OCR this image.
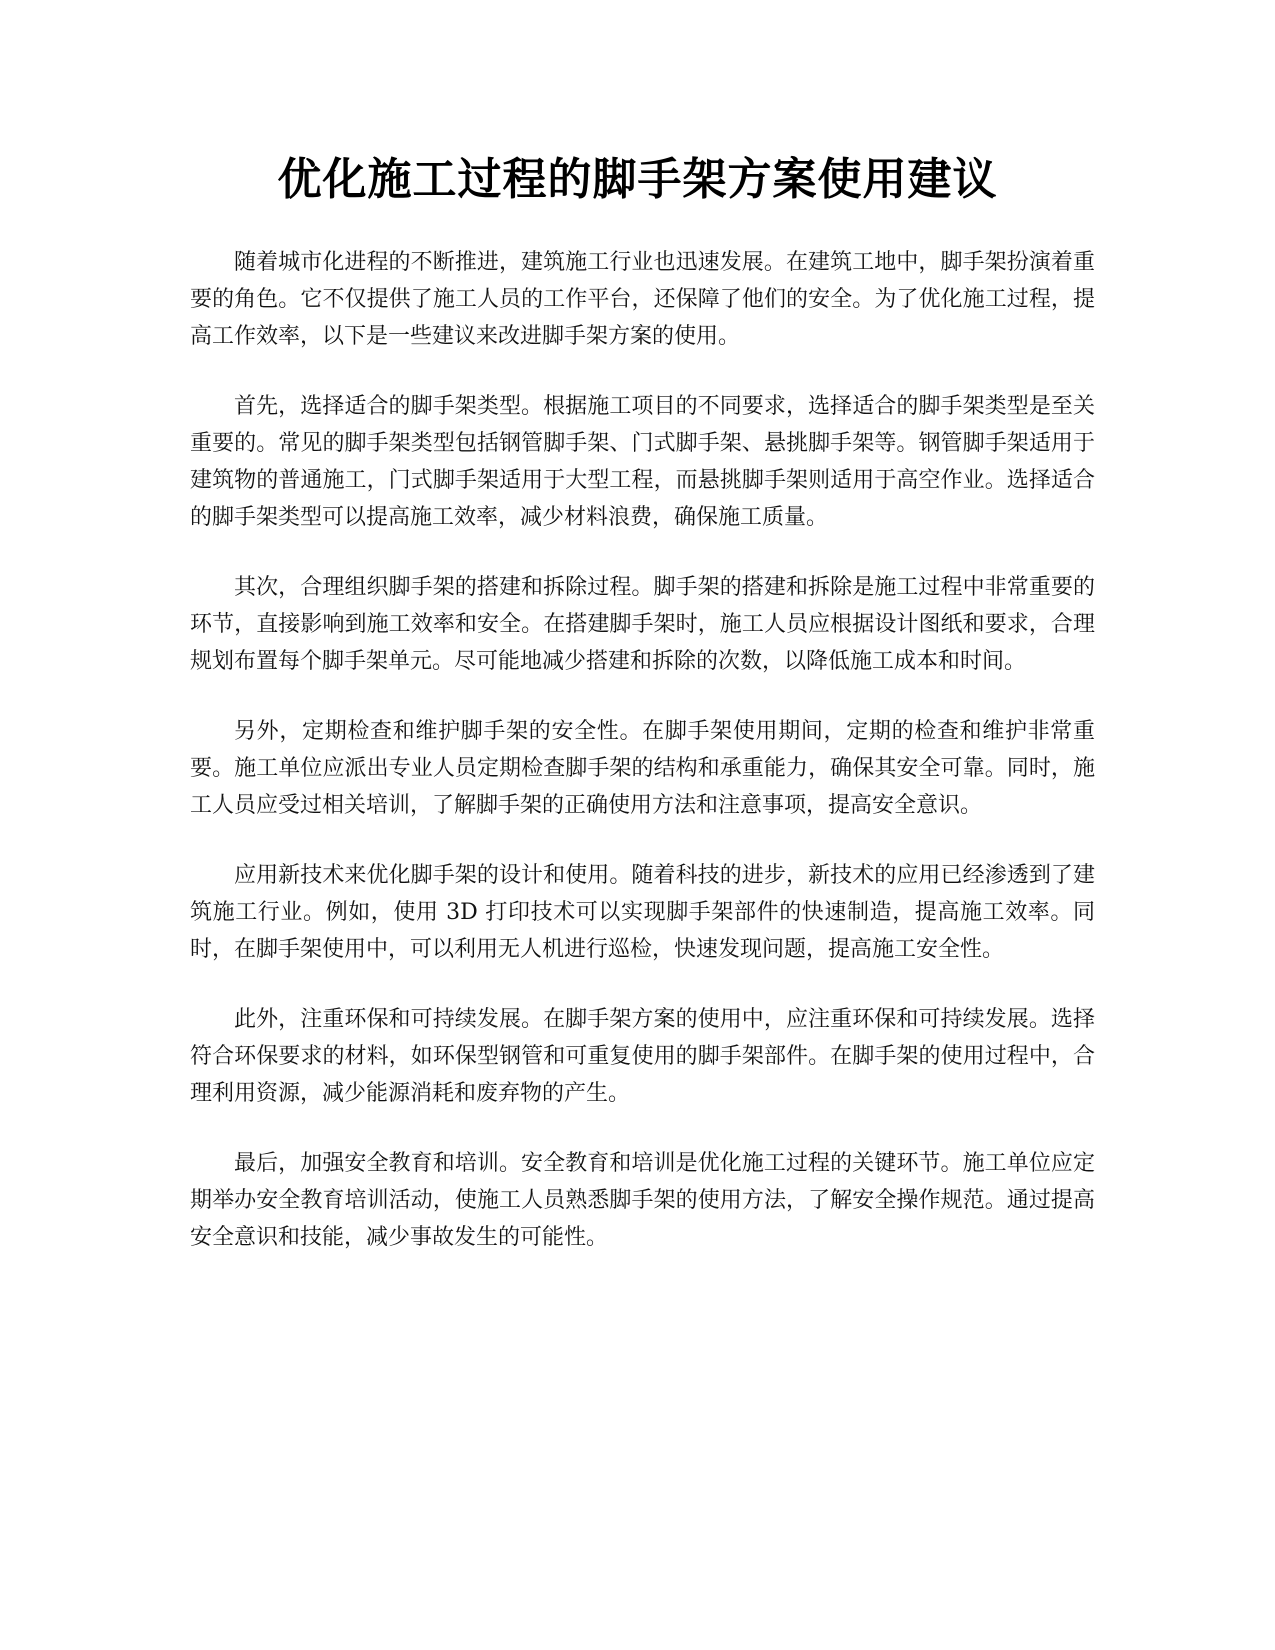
优化施工过程的脚手架方案使用建议

随着城市化进程的不断推进，建筑施工行业也迅速发展。在建筑工地中，脚手架扮演着重要的角色。它不仅提供了施工人员的工作平台，还保障了他们的安全。为了优化施工过程，提高工作效率，以下是一些建议来改进脚手架方案的使用。

首先，选择适合的脚手架类型。根据施工项目的不同要求，选择适合的脚手架类型是至关重要的。常见的脚手架类型包括钢管脚手架、门式脚手架、悬挑脚手架等。钢管脚手架适用于建筑物的普通施工，门式脚手架适用于大型工程，而悬挑脚手架则适用于高空作业。选择适合的脚手架类型可以提高施工效率，减少材料浪费，确保施工质量。

其次，合理组织脚手架的搭建和拆除过程。脚手架的搭建和拆除是施工过程中非常重要的环节，直接影响到施工效率和安全。在搭建脚手架时，施工人员应根据设计图纸和要求，合理规划布置每个脚手架单元。尽可能地减少搭建和拆除的次数，以降低施工成本和时间。

另外，定期检查和维护脚手架的安全性。在脚手架使用期间，定期的检查和维护非常重要。施工单位应派出专业人员定期检查脚手架的结构和承重能力，确保其安全可靠。同时，施工人员应受过相关培训，了解脚手架的正确使用方法和注意事项，提高安全意识。

应用新技术来优化脚手架的设计和使用。随着科技的进步，新技术的应用已经渗透到了建筑施工行业。例如，使用 3D 打印技术可以实现脚手架部件的快速制造，提高施工效率。同时，在脚手架使用中，可以利用无人机进行巡检，快速发现问题，提高施工安全性。

此外，注重环保和可持续发展。在脚手架方案的使用中，应注重环保和可持续发展。选择符合环保要求的材料，如环保型钢管和可重复使用的脚手架部件。在脚手架的使用过程中，合理利用资源，减少能源消耗和废弃物的产生。

最后，加强安全教育和培训。安全教育和培训是优化施工过程的关键环节。施工单位应定期举办安全教育培训活动，使施工人员熟悉脚手架的使用方法，了解安全操作规范。通过提高安全意识和技能，减少事故发生的可能性。
